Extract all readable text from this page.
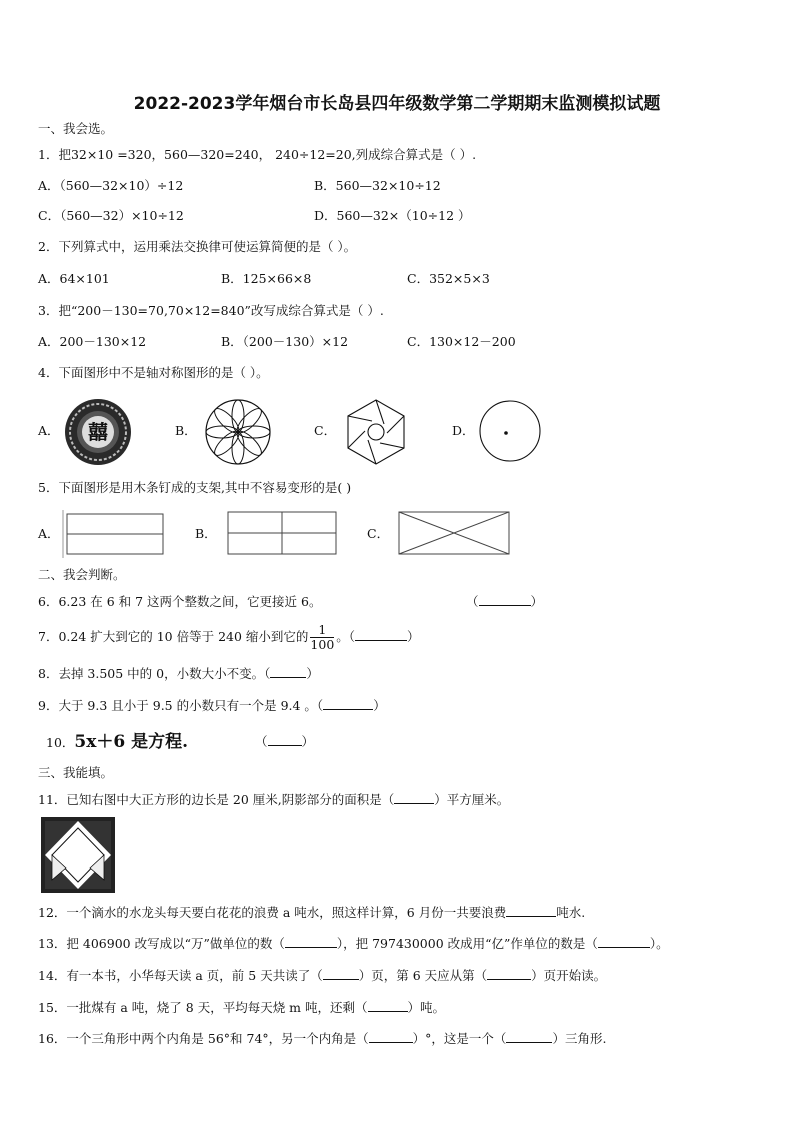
2022-2023学年烟台市长岛县四年级数学第二学期期末监测模拟试题
一、我会选。
1．把32×10 =320，560—320=240， 240÷12=20,列成综合算式是（ ）.
A．（560—32×10）÷12	B．560—32×10÷12
C．（560—32）×10÷12	D．560—32×（10÷12 ）
2．下列算式中，运用乘法交换律可使运算简便的是（ ）。
A．64×101	B．125×66×8	C．352×5×3
3．把“200－130=70,70×12=840”改写成综合算式是（ ）.
A．200－130×12	B．（200－130）×12	C．130×12－200
4．下面图形中不是轴对称图形的是（ ）。
A． 囍	B．	C．	D．
5．下面图形是用木条钉成的支架,其中不容易变形的是( )
A．	B．	C．
二、我会判断。
6．6.23 在 6 和 7 这两个整数之间，它更接近 6。	（	）
7．0.24 扩大到它的 10 倍等于 240 缩小到它的 $\frac{1}{100}$ 。（	）
8．去掉 3.505 中的 0，小数大小不变。（	）
9．大于 9.3 且小于 9.5 的小数只有一个是 9.4 。（	）
10．5x＋6 是方程.	（	）
三、我能填。
11．已知右图中大正方形的边长是 20 厘米,阴影部分的面积是（	）平方厘米。
12．一个滴水的水龙头每天要白花花的浪费 a 吨水，照这样计算，6 月份一共要浪费	吨水.
13．把 406900 改写成以“万”做单位的数（	），把 797430000 改成用“亿”作单位的数是（	）。
14．有一本书，小华每天读 a 页，前 5 天共读了（	）页，第 6 天应从第（	）页开始读。
15．一批煤有 a 吨，烧了 8 天，平均每天烧 m 吨，还剩（	）吨。
16．一个三角形中两个内角是 56°和 74°，另一个内角是（	）°，这是一个（	）三角形.
